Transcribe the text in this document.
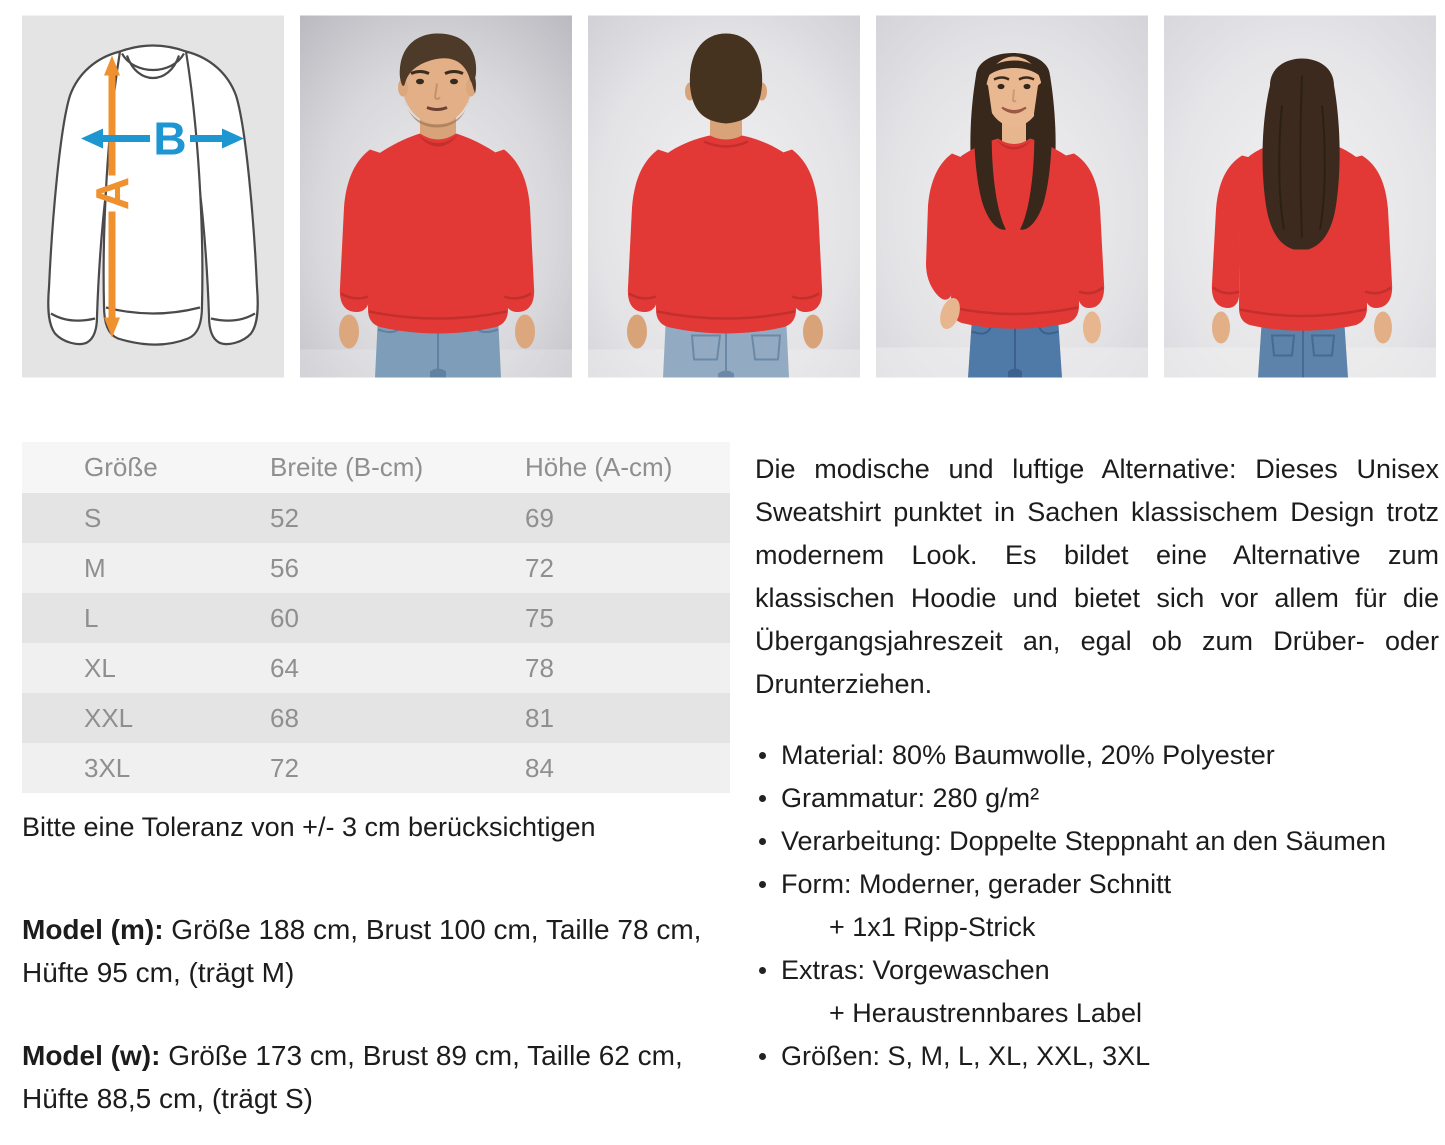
A
B
Größe	Breite (B-cm)	Höhe (A-cm)
S	52	69
M	56	72
L	60	75
XL	64	78
XXL	68	81
3XL	72	84
Bitte eine Toleranz von +/- 3 cm berücksichtigen

Model (m): Größe 188 cm, Brust 100 cm, Taille 78 cm, Hüfte 95 cm, (trägt M)

Model (w): Größe 173 cm, Brust 89 cm, Taille 62 cm, Hüfte 88,5 cm, (trägt S)

Die modische und luftige Alternative: Dieses Unisex Sweatshirt punktet in Sachen klassischem Design trotz modernem Look. Es bildet eine Alternative zum klassischen Hoodie und bietet sich vor allem für die Übergangsjahreszeit an, egal ob zum Drüber- oder Drunterziehen.

Material: 80% Baumwolle, 20% Polyester
Grammatur: 280 g/m²
Verarbeitung: Doppelte Steppnaht an den Säumen
Form: Moderner, gerader Schnitt
+ 1x1 Ripp-Strick
Extras: Vorgewaschen
+ Heraustrennbares Label
Größen: S, M, L, XL, XXL, 3XL
